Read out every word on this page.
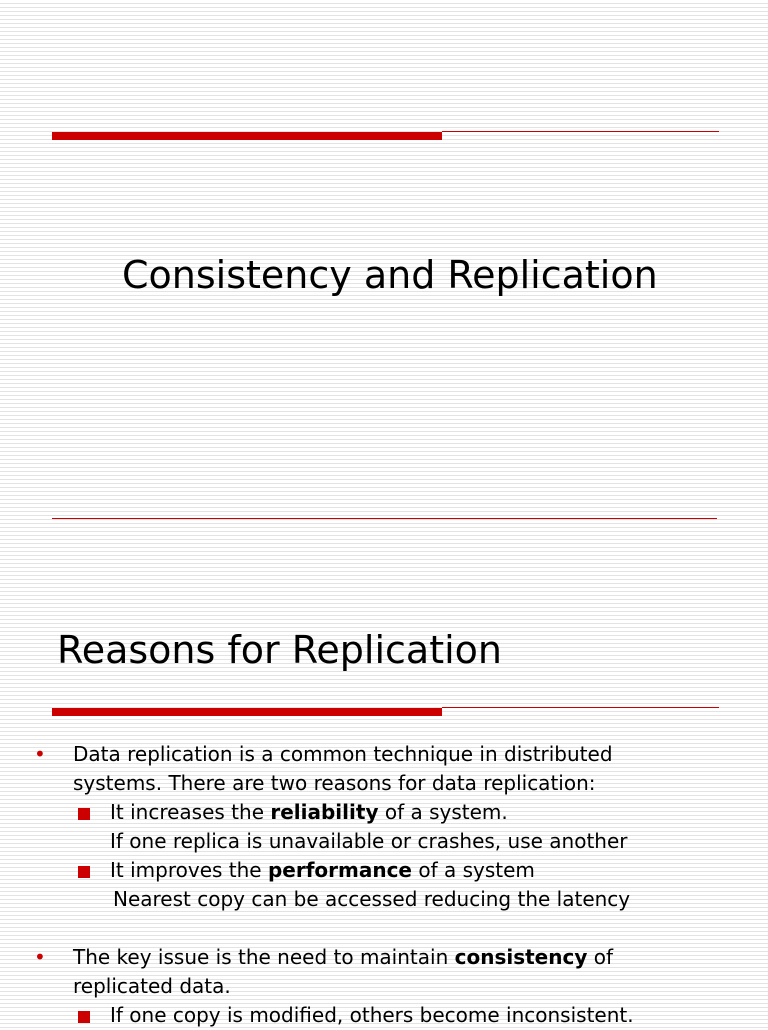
Consistency and Replication
Reasons for Replication
• Data replication is a common technique in distributed
systems. There are two reasons for data replication:
It increases the reliability of a system.
If one replica is unavailable or crashes, use another
It improves the performance of a system
Nearest copy can be accessed reducing the latency
• The key issue is the need to maintain consistency of
replicated data.
If one copy is modified, others become inconsistent.
